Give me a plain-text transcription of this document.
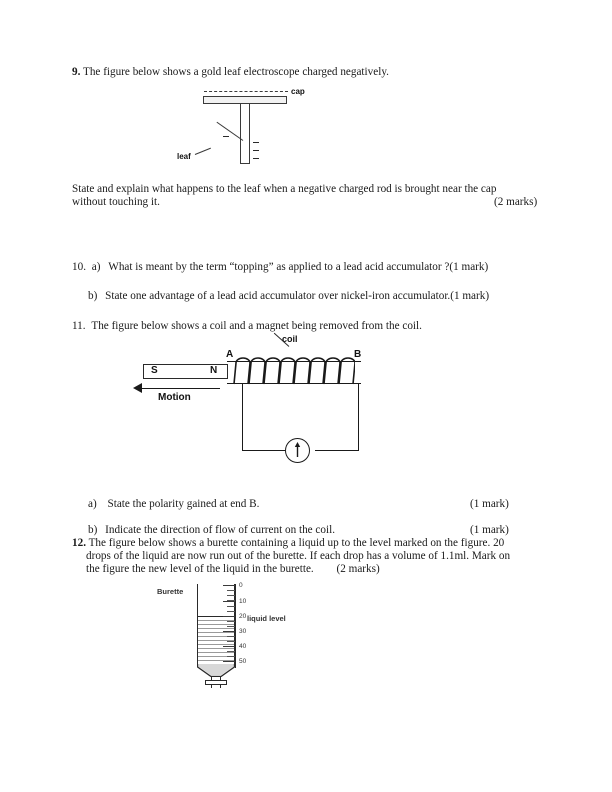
9. The figure below shows a gold leaf electroscope charged negatively.
cap
leaf
State and explain what happens to the leaf when a negative charged rod is brought near the cap
without touching it.	(2 marks)
10. a) What is meant by the term “topping” as applied to a lead acid accumulator ?(1 mark)
b) State one advantage of a lead acid accumulator over nickel-iron accumulator.(1 mark)
11. The figure below shows a coil and a magnet being removed from the coil.
coil
A	B
S	N
Motion
a) State the polarity gained at end B.	(1 mark)
b) Indicate the direction of flow of current on the coil.	(1 mark)
12. The figure below shows a burette containing a liquid up to the level marked on the figure. 20
drops of the liquid are now run out of the burette. If each drop has a volume of 1.1ml. Mark on
the figure the new level of the liquid in the burette. (2 marks)
Burette
liquid level
0
10
20
30
40
50
